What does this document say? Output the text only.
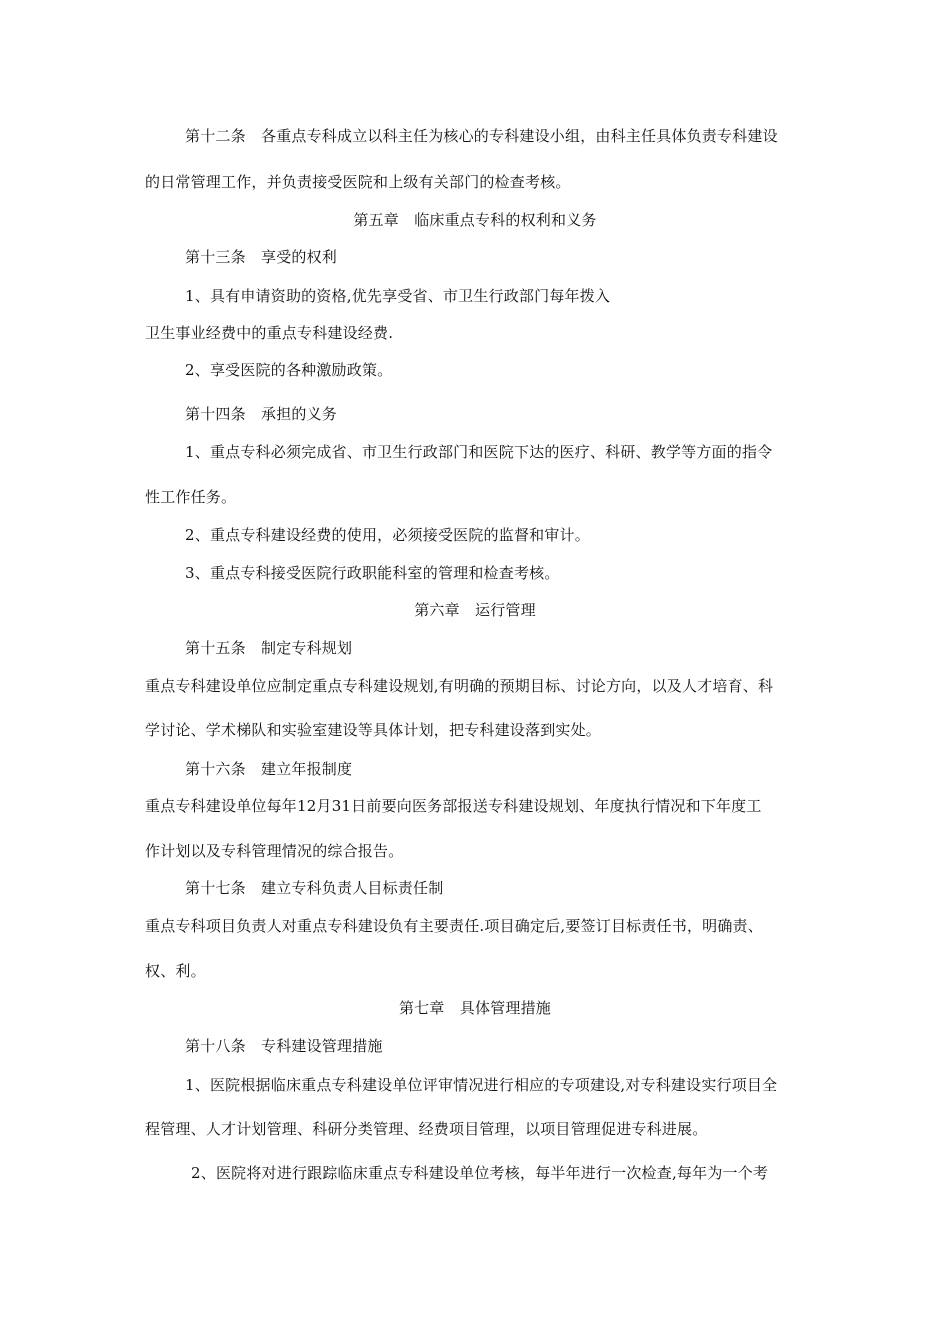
第十二条　各重点专科成立以科主任为核心的专科建设小组，由科主任具体负责专科建设
的日常管理工作，并负责接受医院和上级有关部门的检查考核。
第五章　临床重点专科的权利和义务
第十三条　享受的权利
1、具有申请资助的资格,优先享受省、市卫生行政部门每年拨入
卫生事业经费中的重点专科建设经费.
2、享受医院的各种激励政策。
第十四条　承担的义务
1、重点专科必须完成省、市卫生行政部门和医院下达的医疗、科研、教学等方面的指令
性工作任务。
2、重点专科建设经费的使用，必须接受医院的监督和审计。
3、重点专科接受医院行政职能科室的管理和检查考核。
第六章　运行管理
第十五条　制定专科规划
重点专科建设单位应制定重点专科建设规划,有明确的预期目标、讨论方向，以及人才培育、科
学讨论、学术梯队和实验室建设等具体计划，把专科建设落到实处。
第十六条　建立年报制度
重点专科建设单位每年12月31日前要向医务部报送专科建设规划、年度执行情况和下年度工
作计划以及专科管理情况的综合报告。
第十七条　建立专科负责人目标责任制
重点专科项目负责人对重点专科建设负有主要责任.项目确定后,要签订目标责任书，明确责、
权、利。
第七章　具体管理措施
第十八条　专科建设管理措施
1、医院根据临床重点专科建设单位评审情况进行相应的专项建设,对专科建设实行项目全
程管理、人才计划管理、科研分类管理、经费项目管理，以项目管理促进专科进展。
2、医院将对进行跟踪临床重点专科建设单位考核，每半年进行一次检查,每年为一个考
